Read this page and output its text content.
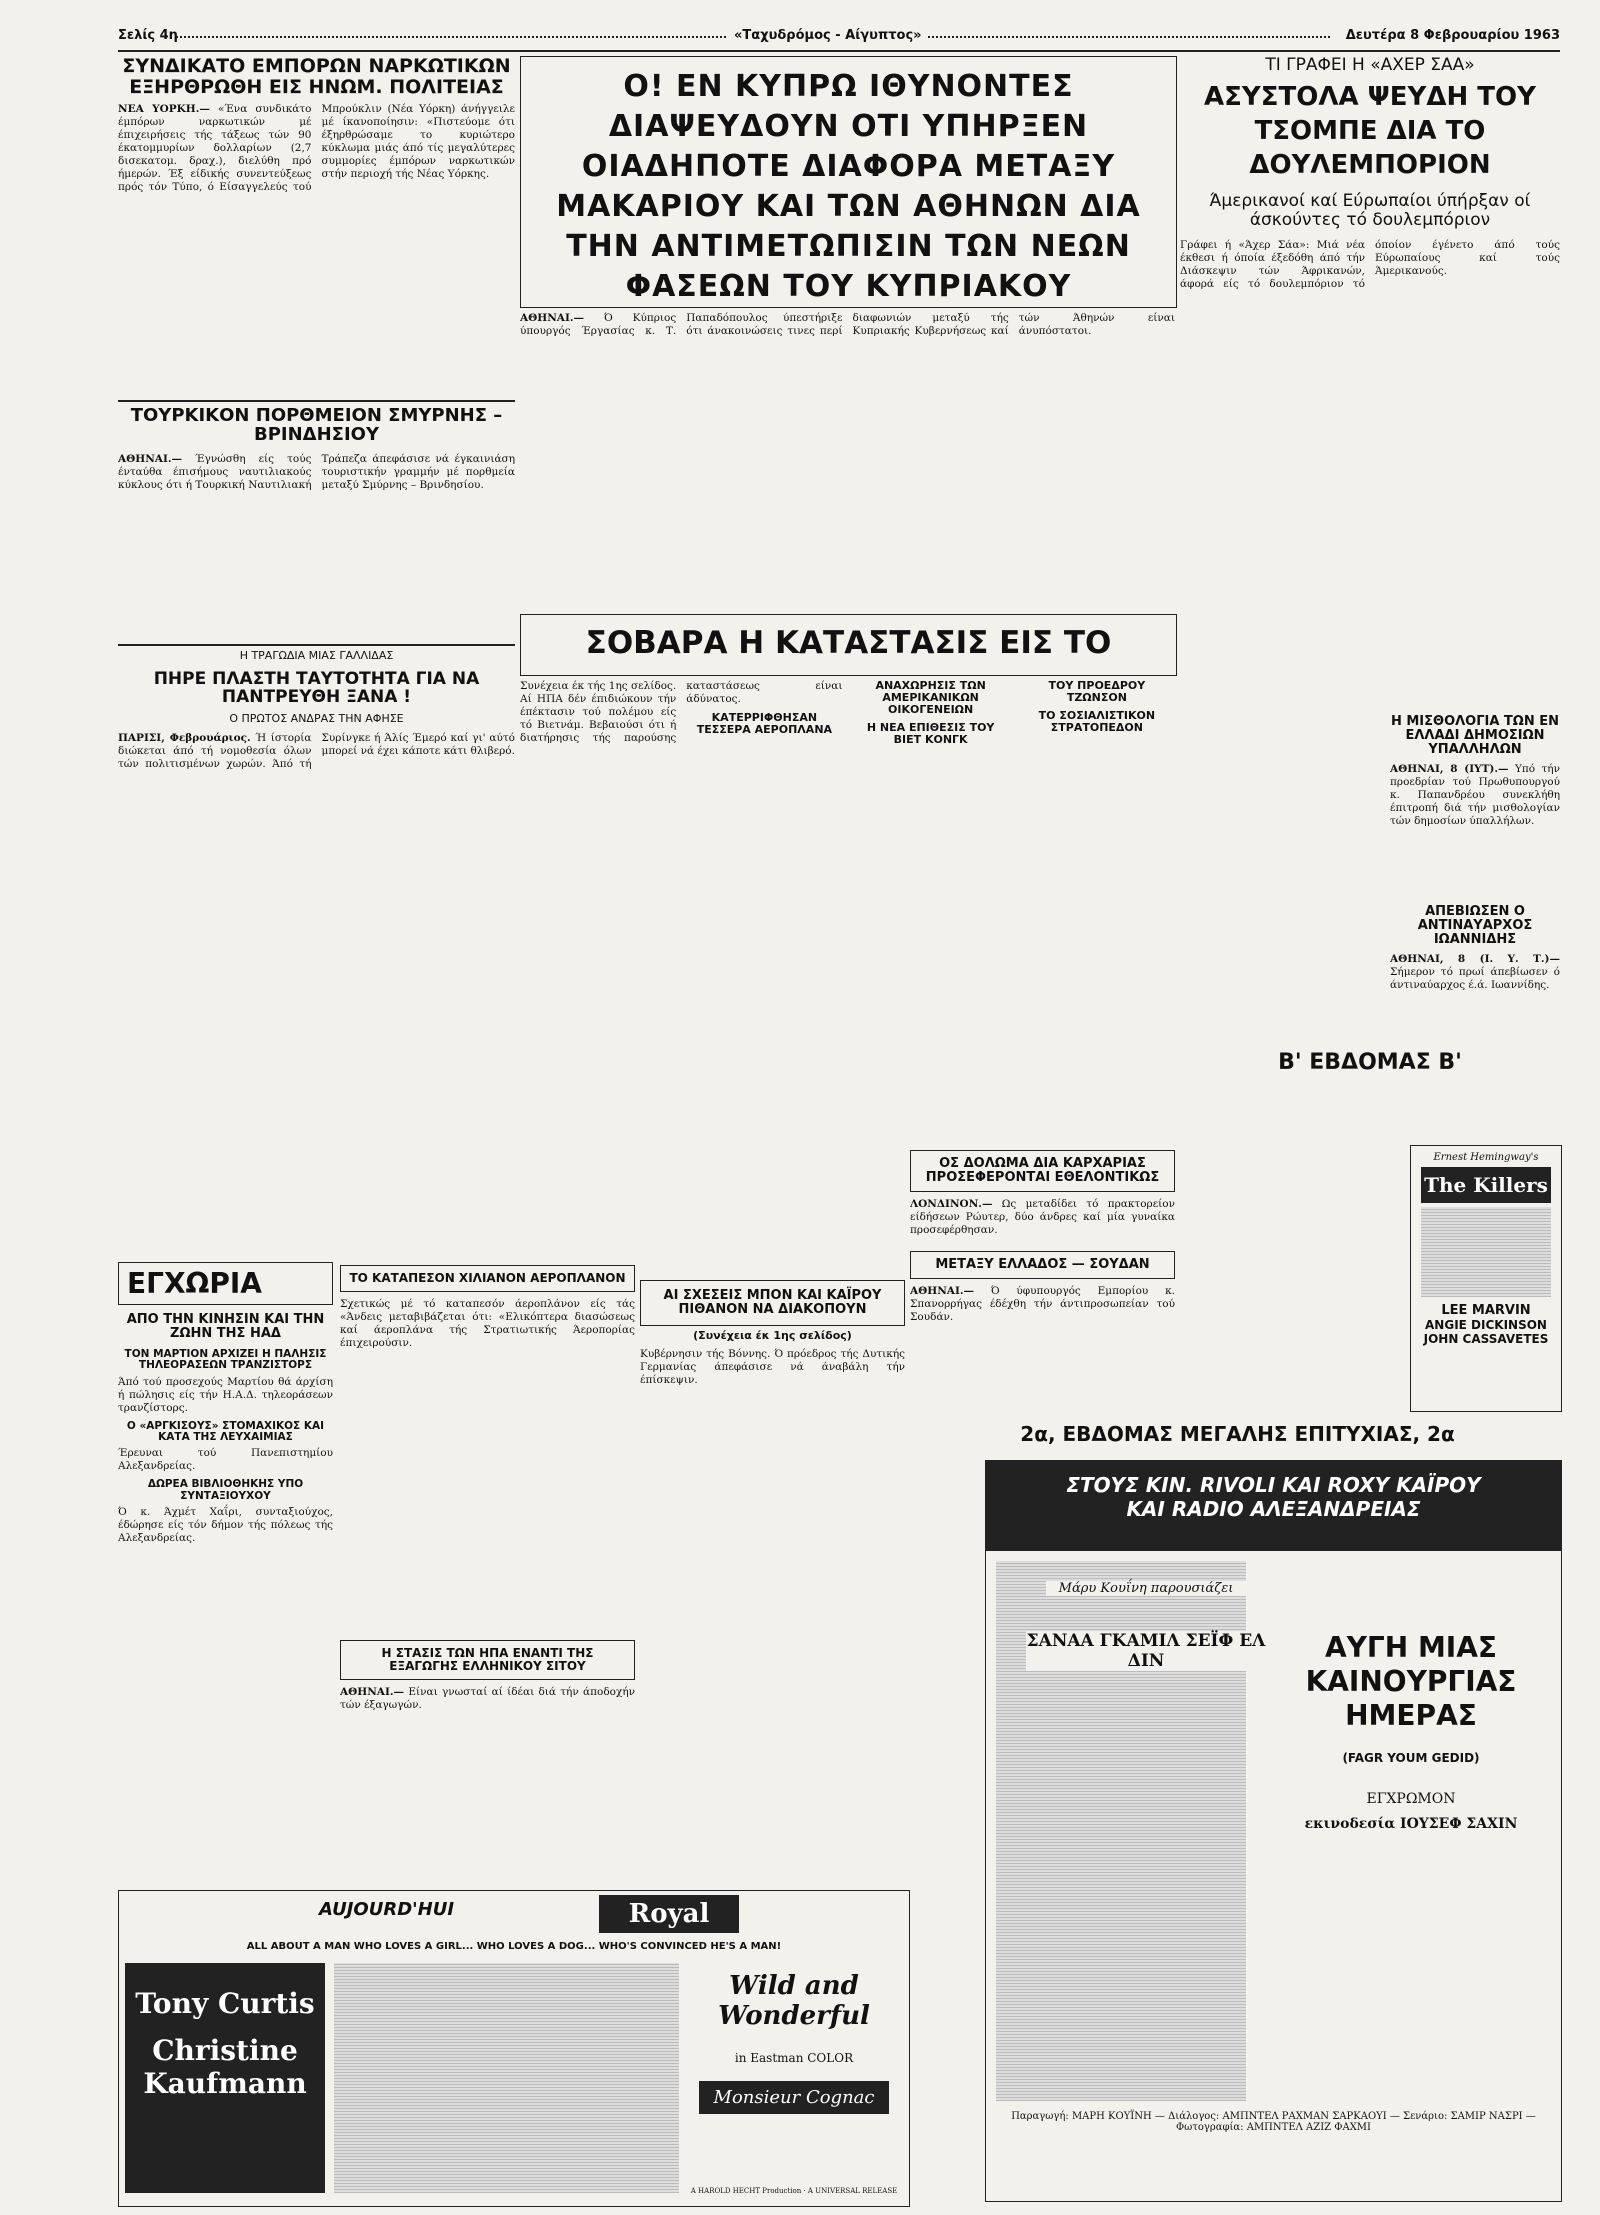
Σελίς 4η	«Ταχυδρόμος - Αίγυπτος»	Δευτέρα 8 Φεβρουαρίου 1963
ΣΥΝΔΙΚΑΤΟ ΕΜΠΟΡΩΝ ΝΑΡΚΩΤΙΚΩΝ ΕΞΗΡΘΡΩΘΗ ΕΙΣ ΗΝΩΜ. ΠΟΛΙΤΕΙΑΣ

ΝΕΑ ΥΟΡΚΗ.— «Ένα συνδικάτο έμπόρων ναρκωτικών μέ έπιχειρήσεις τής τάξεως τών 90 έκατομμυρίων δολλαρίων (2,7 δισεκατομ. δραχ.), διελύθη πρό ήμερών. Έξ είδικής συνεντεύξεως πρός τόν Τύπο, ό Είσαγγελεύς τού Μπρούκλιν (Νέα Υόρκη) άνήγγειλε μέ ίκανοποίησιν: «Πιστεύομε ότι έξηρθρώσαμε το κυριώτερο κύκλωμα μιάς άπό τίς μεγαλύτερες συμμορίες έμπόρων ναρκωτικών στήν περιοχή τής Νέας Υόρκης.

ΤΟΥΡΚΙΚΟΝ ΠΟΡΘΜΕΙΟΝ ΣΜΥΡΝΗΣ – ΒΡΙΝΔΗΣΙΟΥ

ΑΘΗΝΑΙ.— Έγνώσθη είς τούς ένταύθα έπισήμους ναυτιλιακούς κύκλους ότι ή Τουρκική Ναυτιλιακή Τράπεζα άπεφάσισε νά έγκαινιάση τουριστικήν γραμμήν μέ πορθμεία μεταξύ Σμύρνης – Βρινδησίου.

Η ΤΡΑΓΩΔΙΑ ΜΙΑΣ ΓΑΛΛΙΔΑΣ
ΠΗΡΕ ΠΛΑΣΤΗ ΤΑΥΤΟΤΗΤΑ ΓΙΑ ΝΑ ΠΑΝΤΡΕΥΘΗ ΞΑΝΑ !
Ο ΠΡΩΤΟΣ ΑΝΔΡΑΣ ΤΗΝ ΑΦΗΣΕ

ΠΑΡΙΣΙ, Φεβρουάριος. Ή ίστορία διώκεται άπό τή νομοθεσία όλων τών πολιτισμένων χωρών. Άπό τή Συρίνγκε ή Άλίς Έμερό καί γι' αύτό μπορεί νά έχει κάποτε κάτι θλιβερό.

Ο! ΕΝ ΚΥΠΡΩ ΙΘΥΝΟΝΤΕΣ ΔΙΑΨΕΥΔΟΥΝ ΟΤΙ ΥΠΗΡΞΕΝ ΟΙΑΔΗΠΟΤΕ ΔΙΑΦΟΡΑ ΜΕΤΑΞΥ ΜΑΚΑΡΙΟΥ ΚΑΙ ΤΩΝ ΑΘΗΝΩΝ ΔΙΑ ΤΗΝ ΑΝΤΙΜΕΤΩΠΙΣΙΝ ΤΩΝ ΝΕΩΝ ΦΑΣΕΩΝ ΤΟΥ ΚΥΠΡΙΑΚΟΥ

ΑΘΗΝΑΙ.— Ό Κύπριος ύπουργός Έργασίας κ. Τ. Παπαδόπουλος ύπεστήριξε ότι άνακοινώσεις τινες περί διαφωνιών μεταξύ τής Κυπριακής Κυβερνήσεως καί τών Άθηνών είναι άνυπόστατοι.

ΣΟΒΑΡΑ Η ΚΑΤΑΣΤΑΣΙΣ ΕΙΣ ΤΟ

Συνέχεια έκ τής 1ης σελίδος. Αί ΗΠΑ δέν έπιδιώκουν τήν έπέκτασιν τού πολέμου είς τό Βιετνάμ. Βεβαιούσι ότι ή διατήρησις τής παρούσης καταστάσεως είναι άδύνατος.

ΚΑΤΕΡΡΙΦΘΗΣΑΝ ΤΕΣΣΕΡΑ ΑΕΡΟΠΛΑΝΑ

ΑΝΑΧΩΡΗΣΙΣ ΤΩΝ ΑΜΕΡΙΚΑΝΙΚΩΝ ΟΙΚΟΓΕΝΕΙΩΝ

Η ΝΕΑ ΕΠΙΘΕΣΙΣ ΤΟΥ ΒΙΕΤ ΚΟΝΓΚ

ΤΟΥ ΠΡΟΕΔΡΟΥ ΤΖΩΝΣΟΝ

ΤΟ ΣΟΣΙΑΛΙΣΤΙΚΟΝ ΣΤΡΑΤΟΠΕΔΟΝ

ΤΙ ΓΡΑΦΕΙ Η «ΑΧΕΡ ΣΑΑ»
ΑΣΥΣΤΟΛΑ ΨΕΥΔΗ ΤΟΥ ΤΣΟΜΠΕ ΔΙΑ ΤΟ ΔΟΥΛΕΜΠΟΡΙΟΝ
Άμερικανοί καί Εύρωπαίοι ύπήρξαν οί άσκούντες τό δουλεμπόριον

Γράφει ή «Άχερ Σάα»: Μιά νέα έκθεσι ή όποία έξεδόθη άπό τήν Διάσκεψιν τών Άφρικανών, άφορά είς τό δουλεμπόριον τό όποίον έγένετο άπό τούς Εύρωπαίους καί τούς Άμερικανούς.

Η ΜΙΣΘΟΛΟΓΙΑ ΤΩΝ ΕΝ ΕΛΛΑΔΙ ΔΗΜΟΣΙΩΝ ΥΠΑΛΛΗΛΩΝ

ΑΘΗΝΑΙ, 8 (ΙΥΤ).— Υπό τήν προεδρίαν τού Πρωθυπουργού κ. Παπανδρέου συνεκλήθη έπιτροπή διά τήν μισθολογίαν τών δημοσίων ύπαλλήλων.

ΑΠΕΒΙΩΣΕΝ Ο ΑΝΤΙΝΑΥΑΡΧΟΣ ΙΩΑΝΝΙΔΗΣ

ΑΘΗΝΑΙ, 8 (Ι. Υ. Τ.)— Σήμερον τό πρωί άπεβίωσεν ό άντιναύαρχος έ.ά. Ιωαννίδης.

ΟΣ ΔΟΛΩΜΑ ΔΙΑ ΚΑΡΧΑΡΙΑΣ ΠΡΟΣΕΦΕΡΟΝΤΑΙ ΕΘΕΛΟΝΤΙΚΩΣ

ΛΟΝΔΙΝΟΝ.— Ως μεταδίδει τό πρακτορείον είδήσεων Ρώυτερ, δύο άνδρες καί μία γυναίκα προσεφέρθησαν.

ΜΕΤΑΞΥ ΕΛΛΑΔΟΣ — ΣΟΥΔΑΝ

ΑΘΗΝΑΙ.— Ό ύφυπουργός Εμπορίου κ. Σπανορρήγας έδέχθη τήν άντιπροσωπείαν τού Σουδάν.

ΑΙ ΣΧΕΣΕΙΣ ΜΠΟΝ ΚΑΙ ΚΑΪΡΟΥ ΠΙΘΑΝΟΝ ΝΑ ΔΙΑΚΟΠΟΥΝ
(Συνέχεια έκ 1ης σελίδος)

Κυβέρνησιν τής Βόννης. Ό πρόεδρος τής Δυτικής Γερμανίας άπεφάσισε νά άναβάλη τήν έπίσκεψιν.

ΕΓΧΩΡΙΑ
ΑΠΟ ΤΗΝ ΚΙΝΗΣΙΝ ΚΑΙ ΤΗΝ ΖΩΗΝ ΤΗΣ ΗΑΔ
ΤΟΝ ΜΑΡΤΙΟΝ ΑΡΧΙΖΕΙ Η ΠΑΛΗΣΙΣ ΤΗΛΕΟΡΑΣΕΩΝ ΤΡΑΝΖΙΣΤΟΡΣ

Άπό τού προσεχούς Μαρτίου θά άρχίση ή πώλησις είς τήν Η.Α.Δ. τηλεοράσεων τρανζίστορς.

Ο «ΑΡΓΚΙΣΟΥΣ» ΣΤΟΜΑΧΙΚΟΣ ΚΑΙ ΚΑΤΑ ΤΗΣ ΛΕΥΧΑΙΜΙΑΣ

Έρευναι τού Πανεπιστημίου Αλεξανδρείας.

ΔΩΡΕΑ ΒΙΒΛΙΟΘΗΚΗΣ ΥΠΟ ΣΥΝΤΑΞΙΟΥΧΟΥ

Ό κ. Άχμέτ Χαΐρι, συνταξιούχος, έδώρησε είς τόν δήμον τής πόλεως τής Αλεξανδρείας.

ΤΟ ΚΑΤΑΠΕΣΟΝ ΧΙΛΙΑΝΟΝ ΑΕΡΟΠΛΑΝΟΝ

Σχετικώς μέ τό καταπεσόν άεροπλάνον είς τάς «Άνδεις μεταβιβάζεται ότι: «Ελικόπτερα διασώσεως καί άεροπλάνα τής Στρατιωτικής Άεροπορίας έπιχειρούσιν.

Η ΣΤΑΣΙΣ ΤΩΝ ΗΠΑ ΕΝΑΝΤΙ ΤΗΣ ΕΞΑΓΩΓΗΣ ΕΛΛΗΝΙΚΟΥ ΣΙΤΟΥ

ΑΘΗΝΑΙ.— Είναι γνωσταί αί ίδέαι διά τήν άποδοχήν τών έξαγωγών.

AUJOURD'HUI	Royal
ALL ABOUT A MAN WHO LOVES A GIRL... WHO LOVES A DOG... WHO'S CONVINCED HE'S A MAN!
Tony Curtis
Christine Kaufmann
Wild and Wonderful
in Eastman COLOR
Monsieur Cognac
A HAROLD HECHT Production · A UNIVERSAL RELEASE
Β' ΕΒΔΟΜΑΣ Β'
Ernest Hemingway's
The Killers
LEE MARVIN
ANGIE DICKINSON
JOHN CASSAVETES
2α, ΕΒΔΟΜΑΣ ΜΕΓΑΛΗΣ ΕΠΙΤΥΧΙΑΣ, 2α
ΣΤΟΥΣ ΚΙΝ. RIVOLI ΚΑΙ ROXY ΚΑΪΡΟΥ
ΚΑΙ RADIO ΑΛΕΞΑΝΔΡΕΙΑΣ
Μάρυ Κουΐνη παρουσιάζει
ΣΑΝΑΑ ΓΚΑΜΙΛ ΣΕΪΦ ΕΛ ΔΙΝ	ΑΥΓΗ ΜΙΑΣ ΚΑΙΝΟΥΡΓΙΑΣ ΗΜΕΡΑΣ
(FAGR YOUM GEDID)
ΕΓΧΡΩΜΟΝ
εκινοδεσία ΙΟΥΣΕΦ ΣΑΧΙΝ
Παραγωγή: ΜΑΡΗ ΚΟΥΪΝΗ — Διάλογος: ΑΜΠΝΤΕΛ ΡΑΧΜΑΝ ΣΑΡΚΑΟΥΙ — Σενάριο: ΣΑΜΙΡ ΝΑΣΡΙ — Φωτογραφία: ΑΜΠΝΤΕΛ ΑΖΙΖ ΦΑΧΜΙ
